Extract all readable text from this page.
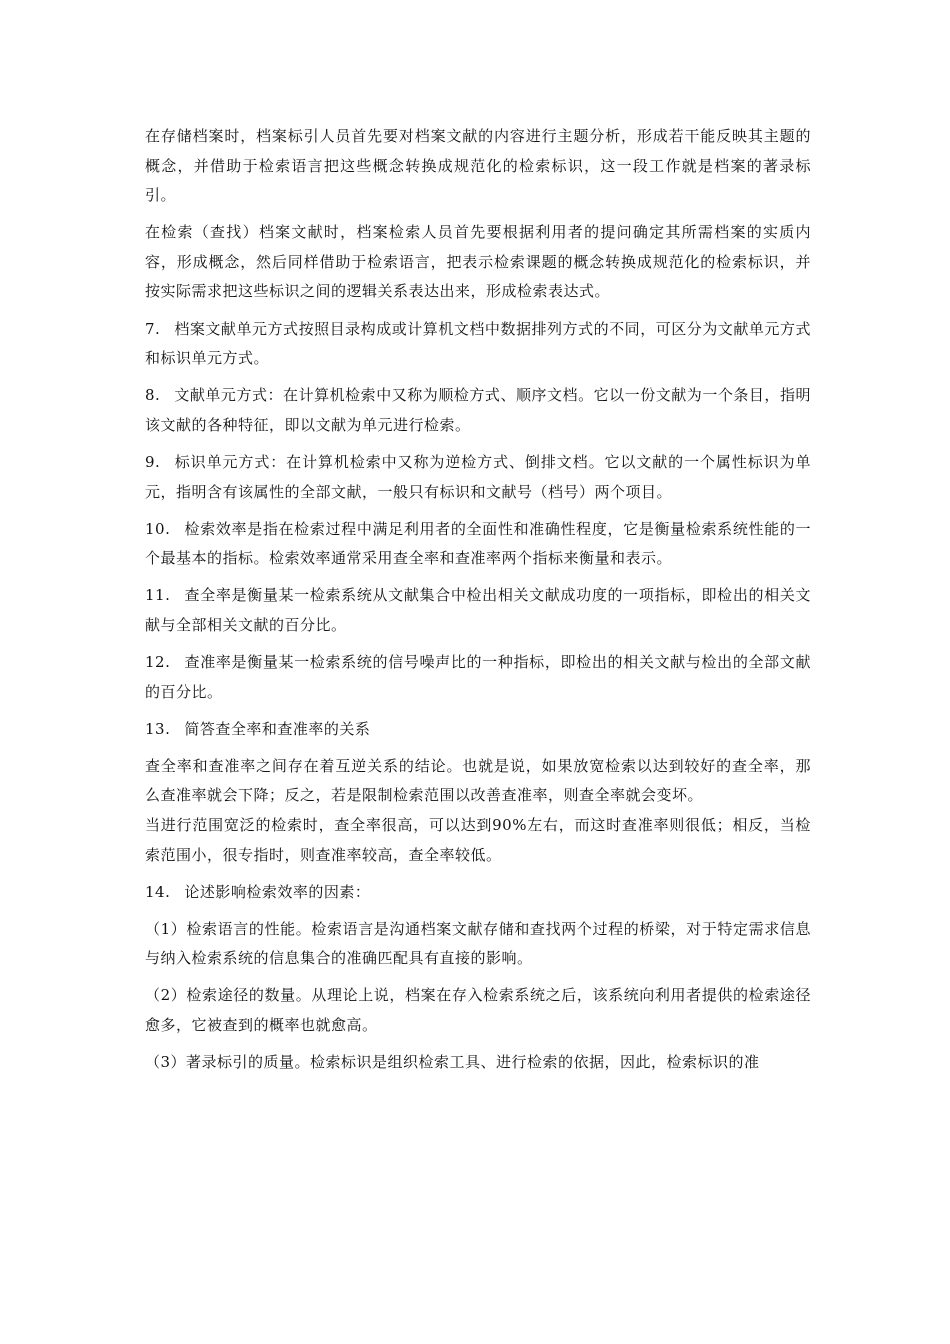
在存储档案时，档案标引人员首先要对档案文献的内容进行主题分析，形成若干能反映其主题的概念，并借助于检索语言把这些概念转换成规范化的检索标识，这一段工作就是档案的著录标引。

在检索（查找）档案文献时，档案检索人员首先要根据利用者的提问确定其所需档案的实质内容，形成概念，然后同样借助于检索语言，把表示检索课题的概念转换成规范化的检索标识，并按实际需求把这些标识之间的逻辑关系表达出来，形成检索表达式。

7. 档案文献单元方式按照目录构成或计算机文档中数据排列方式的不同，可区分为文献单元方式和标识单元方式。

8. 文献单元方式：在计算机检索中又称为顺检方式、顺序文档。它以一份文献为一个条目，指明该文献的各种特征，即以文献为单元进行检索。

9. 标识单元方式：在计算机检索中又称为逆检方式、倒排文档。它以文献的一个属性标识为单元，指明含有该属性的全部文献，一般只有标识和文献号（档号）两个项目。

10. 检索效率是指在检索过程中满足利用者的全面性和准确性程度，它是衡量检索系统性能的一个最基本的指标。检索效率通常采用查全率和查准率两个指标来衡量和表示。

11. 查全率是衡量某一检索系统从文献集合中检出相关文献成功度的一项指标，即检出的相关文献与全部相关文献的百分比。

12. 查准率是衡量某一检索系统的信号噪声比的一种指标，即检出的相关文献与检出的全部文献的百分比。

13. 简答查全率和查准率的关系

查全率和查准率之间存在着互逆关系的结论。也就是说，如果放宽检索以达到较好的查全率，那么查准率就会下降；反之，若是限制检索范围以改善查准率，则查全率就会变坏。

当进行范围宽泛的检索时，查全率很高，可以达到90%左右，而这时查准率则很低；相反，当检索范围小，很专指时，则查准率较高，查全率较低。

14. 论述影响检索效率的因素：

（1）检索语言的性能。检索语言是沟通档案文献存储和查找两个过程的桥梁，对于特定需求信息与纳入检索系统的信息集合的准确匹配具有直接的影响。

（2）检索途径的数量。从理论上说，档案在存入检索系统之后，该系统向利用者提供的检索途径愈多，它被查到的概率也就愈高。

（3）著录标引的质量。检索标识是组织检索工具、进行检索的依据，因此，检索标识的准
